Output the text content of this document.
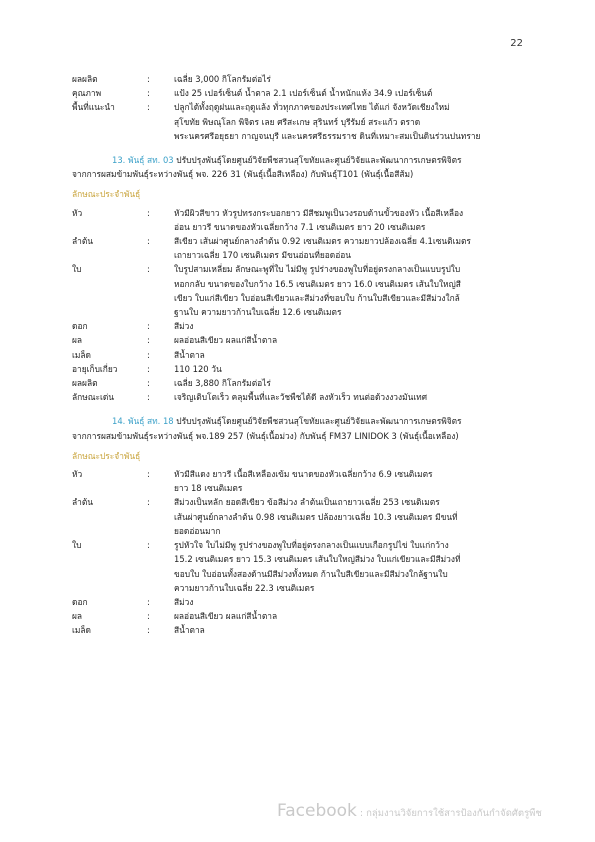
22
ผลผลิต	:	เฉลี่ย 3,000 กิโลกรัมต่อไร่
คุณภาพ	:	แป้ง 25 เปอร์เซ็นต์ น้ำตาล 2.1 เปอร์เซ็นต์ น้ำหนักแห้ง 34.9 เปอร์เซ็นต์
พื้นที่แนะนำ	:	ปลูกได้ทั้งฤดูฝนและฤดูแล้ง ทั่วทุกภาคของประเทศไทย ได้แก่ จังหวัดเชียงใหม่
สุโขทัย พิษณุโลก พิจิตร เลย ศรีสะเกษ สุรินทร์ บุรีรัมย์ สระแก้ว ตราด
พระนครศรีอยุธยา กาญจนบุรี และนครศรีธรรมราช ดินที่เหมาะสมเป็นดินร่วนปนทราย

13. พันธุ์ สท. 03 ปรับปรุงพันธุ์โดยศูนย์วิจัยพืชสวนสุโขทัยและศูนย์วิจัยและพัฒนาการเกษตรพิจิตร

จากการผสมข้ามพันธุ์ระหว่างพันธุ์ พจ. 226 31 (พันธุ์เนื้อสีเหลือง) กับพันธุ์T101 (พันธุ์เนื้อสีส้ม)
ลักษณะประจำพันธุ์
หัว	:	หัวมีผิวสีขาว หัวรูปทรงกระบอกยาว มีสีชมพูเป็นวงรอบด้านขั้วของหัว เนื้อสีเหลือง
อ่อน ยาวรี ขนาดของหัวเฉลี่ยกว้าง 7.1 เซนติเมตร ยาว 20 เซนติเมตร
ลำต้น	:	สีเขียว เส้นผ่าศูนย์กลางลำต้น 0.92 เซนติเมตร ความยาวปล้องเฉลี่ย 4.1เซนติเมตร
เถายาวเฉลี่ย 170 เซนติเมตร มีขนอ่อนที่ยอดอ่อน
ใบ	:	ใบรูปสามเหลี่ยม ลักษณะพูที่ใบ ไม่มีพู รูปร่างของพูใบที่อยู่ตรงกลางเป็นแบบรูปใบ
หอกกลับ ขนาดของใบกว้าง 16.5 เซนติเมตร ยาว 16.0 เซนติเมตร เส้นใบใหญ่สี
เขียว ใบแก่สีเขียว ใบอ่อนสีเขียวและสีม่วงที่ขอบใบ ก้านใบสีเขียวและมีสีม่วงใกล้
ฐานใบ ความยาวก้านใบเฉลี่ย 12.6 เซนติเมตร
ดอก	:	สีม่วง
ผล	:	ผลอ่อนสีเขียว ผลแก่สีน้ำตาล
เมล็ด	:	สีน้ำตาล
อายุเก็บเกี่ยว	:	110 120 วัน
ผลผลิต	:	เฉลี่ย 3,880 กิโลกรัมต่อไร่
ลักษณะเด่น	:	เจริญเติบโตเร็ว คลุมพื้นที่และวัชพืชได้ดี ลงหัวเร็ว ทนต่อด้วงงวงมันเทศ

14. พันธุ์ สท. 18 ปรับปรุงพันธุ์โดยศูนย์วิจัยพืชสวนสุโขทัยและศูนย์วิจัยและพัฒนาการเกษตรพิจิตร

จากการผสมข้ามพันธุ์ระหว่างพันธุ์ พจ.189 257 (พันธุ์เนื้อม่วง) กับพันธุ์ FM37 LINIDOK 3 (พันธุ์เนื้อเหลือง)
ลักษณะประจำพันธุ์
หัว	:	หัวมีสีแดง ยาวรี เนื้อสีเหลืองเข้ม ขนาดของหัวเฉลี่ยกว้าง 6.9 เซนติเมตร
ยาว 18 เซนติเมตร
ลำต้น	:	สีม่วงเป็นหลัก ยอดสีเขียว ข้อสีม่วง ลำต้นเป็นเถายาวเฉลี่ย 253 เซนติเมตร
เส้นผ่าศูนย์กลางลำต้น 0.98 เซนติเมตร ปล้องยาวเฉลี่ย 10.3 เซนติเมตร มีขนที่
ยอดอ่อนมาก
ใบ	:	รูปหัวใจ ใบไม่มีพู รูปร่างของพูใบที่อยู่ตรงกลางเป็นแบบเกือกรูปไข่ ใบแก่กว้าง
15.2 เซนติเมตร ยาว 15.3 เซนติเมตร เส้นใบใหญ่สีม่วง ใบแก่เขียวและมีสีม่วงที่
ขอบใบ ใบอ่อนทั้งสองด้านมีสีม่วงทั้งหมด ก้านใบสีเขียวและมีสีม่วงใกล้ฐานใบ
ความยาวก้านใบเฉลี่ย 22.3 เซนติเมตร
ดอก	:	สีม่วง
ผล	:	ผลอ่อนสีเขียว ผลแก่สีน้ำตาล
เมล็ด	:	สีน้ำตาล
Facebook : กลุ่มงานวิจัยการใช้สารป้องกันกำจัดศัตรูพืช
